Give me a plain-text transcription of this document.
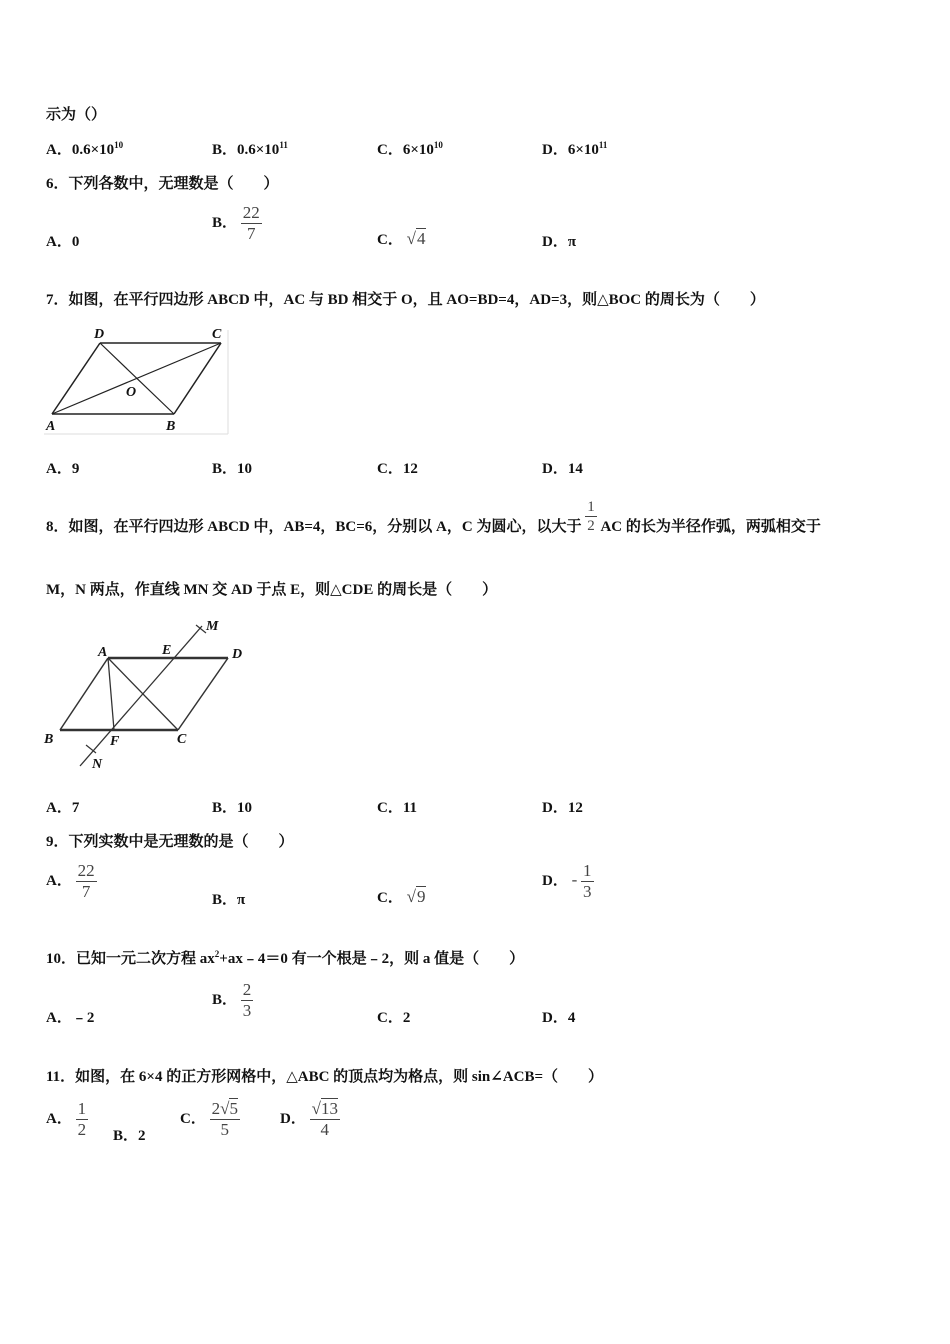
示为（）
A．$0.6\times 10^{10}$	B．$0.6\times 10^{11}$	C．$6\times 10^{10}$	D．$6\times 10^{11}$
6．下列各数中，无理数是（　　）
A．0
B． $\frac{22}{7}$	C． √4	D．π
7．如图，在平行四边形 ABCD 中，AC 与 BD 相交于 O，且 AO=BD=4，AD=3，则△BOC 的周长为（　　）
D	C
O
A	B
A．9	B．10	C．12	D．14
8．如图，在平行四边形 ABCD 中，AB=4，BC=6，分别以 A，C 为圆心，以大于 $\frac{1}{2}$ AC 的长为半径作弧，两弧相交于
M，N 两点，作直线 MN 交 AD 于点 E，则△CDE 的周长是（　　）
A	E
M
D
B	F	C
N
A．7	B．10	C．11	D．12
9．下列实数中是无理数的是（　　）
A． $\frac{22}{7}$	B．π	C． √9
D． - $\frac{1}{3}$
10．已知一元二次方程 $ax^2+ax﹣4=0$ 有一个根是﹣2，则 a 值是（　　）
A．﹣2
B． $\frac{2}{3}$	C．2	D．4
11．如图，在 6×4 的正方形网格中，△ABC 的顶点均为格点，则 sin∠ACB=（　　）
A． $\frac{1}{2}$ B．2
C． $\frac{2√5}{5}$	D． $\frac{√13}{4}$
